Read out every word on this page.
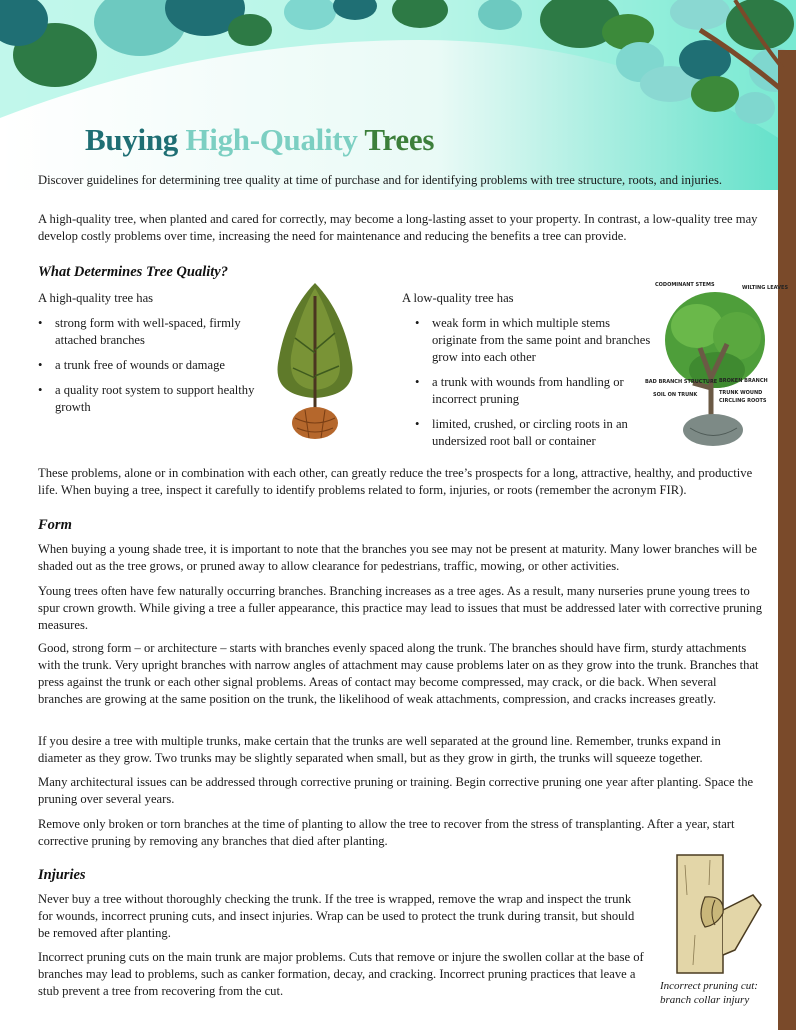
Buying High-Quality Trees

Discover guidelines for determining tree quality at time of purchase and for identifying problems with tree structure, roots, and injuries.

A high-quality tree, when planted and cared for correctly, may become a long-lasting asset to your property. In contrast, a low-quality tree may develop costly problems over time, increasing the need for maintenance and reducing the benefits a tree can provide.

What Determines Tree Quality?

A high-quality tree has

• strong form with well-spaced, firmly attached branches
• a trunk free of wounds or damage
• a quality root system to support healthy growth

A low-quality tree has

• weak form in which multiple stems originate from the same point and branches grow into each other
• a trunk with wounds from handling or incorrect pruning
• limited, crushed, or circling roots in an undersized root ball or container
CODOMINANT STEMS	WILTING LEAVES
BAD BRANCH STRUCTURE BROKEN BRANCH
SOIL ON TRUNK	TRUNK WOUND
CIRCLING ROOTS

These problems, alone or in combination with each other, can greatly reduce the tree’s prospects for a long, attractive, healthy, and productive life. When buying a tree, inspect it carefully to identify problems related to form, injuries, or roots (remember the acronym FIR).

Form

When buying a young shade tree, it is important to note that the branches you see may not be present at maturity. Many lower branches will be shaded out as the tree grows, or pruned away to allow clearance for pedestrians, traffic, mowing, or other activities.

Young trees often have few naturally occurring branches. Branching increases as a tree ages. As a result, many nurseries prune young trees to spur crown growth. While giving a tree a fuller appearance, this practice may lead to issues that must be addressed later with corrective pruning measures.

Good, strong form – or architecture – starts with branches evenly spaced along the trunk. The branches should have firm, sturdy attachments with the trunk. Very upright branches with narrow angles of attachment may cause problems later on as they grow into the trunk. Branches that press against the trunk or each other signal problems. Areas of contact may become compressed, may crack, or die back. When several branches are growing at the same position on the trunk, the likelihood of weak attachments, compression, and cracks increases greatly.

If you desire a tree with multiple trunks, make certain that the trunks are well separated at the ground line. Remember, trunks expand in diameter as they grow. Two trunks may be slightly separated when small, but as they grow in girth, the trunks will squeeze together.

Many architectural issues can be addressed through corrective pruning or training. Begin corrective pruning one year after planting. Space the pruning over several years.

Remove only broken or torn branches at the time of planting to allow the tree to recover from the stress of transplanting. After a year, start corrective pruning by removing any branches that died after planting.

Injuries

Never buy a tree without thoroughly checking the trunk. If the tree is wrapped, remove the wrap and inspect the trunk for wounds, incorrect pruning cuts, and insect injuries. Wrap can be used to protect the trunk during transit, but should be removed after planting.

Incorrect pruning cuts on the main trunk are major problems. Cuts that remove or injure the swollen collar at the base of branches may lead to problems, such as canker formation, decay, and cracking. Incorrect pruning practices that leave a stub prevent a tree from recovering from the cut.	Incorrect pruning cut:
branch collar injury
